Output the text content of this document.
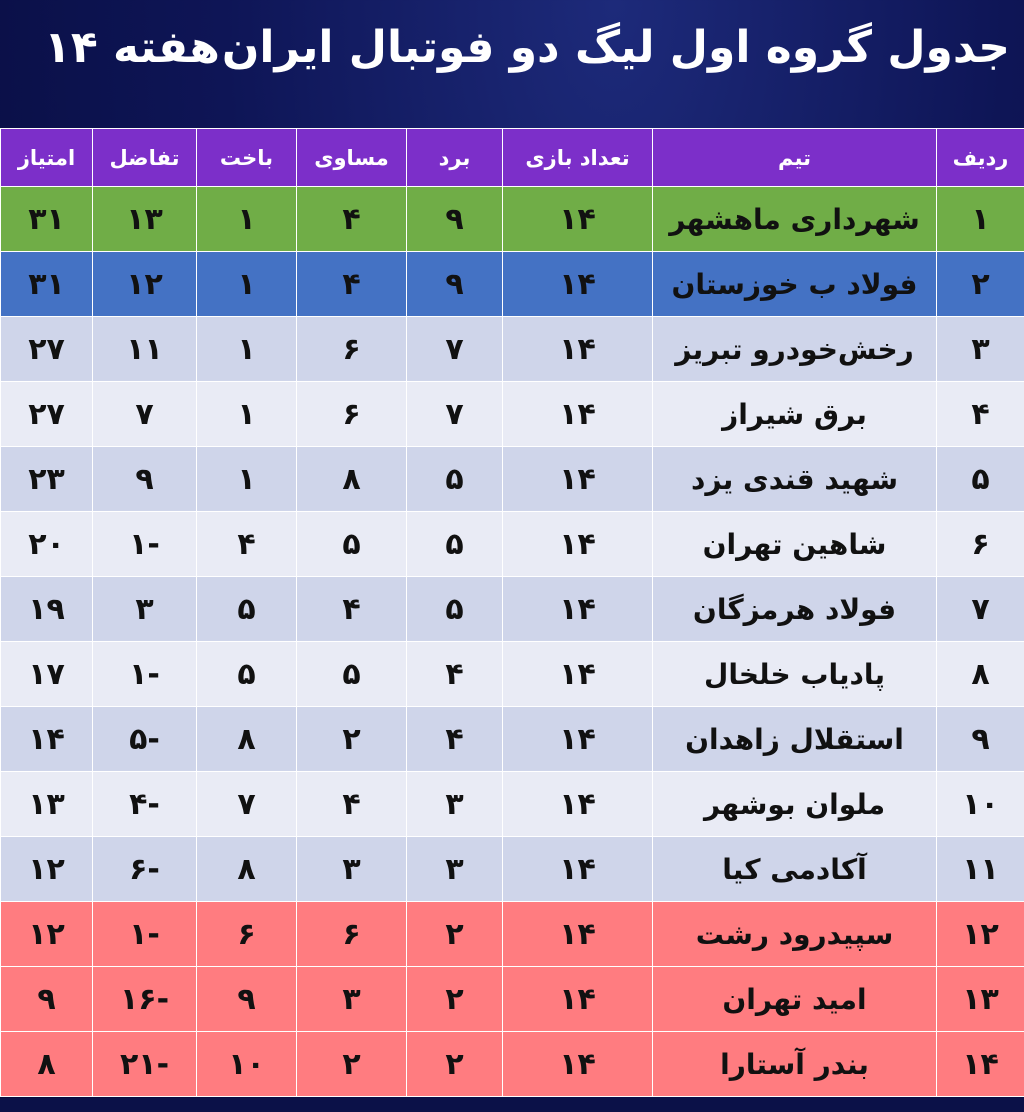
جدول گروه اول لیگ دو فوتبال ایران
هفته ۱۴
ردیف	تیم	تعداد بازی	برد	مساوی	باخت	تفاضل	امتیاز
۱	شهرداری ماهشهر	۱۴	۹	۴	۱	۱۳	۳۱
۲	فولاد ب خوزستان	۱۴	۹	۴	۱	۱۲	۳۱
۳	رخش‌خودرو تبریز	۱۴	۷	۶	۱	۱۱	۲۷
۴	برق شیراز	۱۴	۷	۶	۱	۷	۲۷
۵	شهید قندی یزد	۱۴	۵	۸	۱	۹	۲۳
۶	شاهین تهران	۱۴	۵	۵	۴	-۱	۲۰
۷	فولاد هرمزگان	۱۴	۵	۴	۵	۳	۱۹
۸	پادیاب خلخال	۱۴	۴	۵	۵	-۱	۱۷
۹	استقلال زاهدان	۱۴	۴	۲	۸	-۵	۱۴
۱۰	ملوان بوشهر	۱۴	۳	۴	۷	-۴	۱۳
۱۱	آکادمی کیا	۱۴	۳	۳	۸	-۶	۱۲
۱۲	سپیدرود رشت	۱۴	۲	۶	۶	-۱	۱۲
۱۳	امید تهران	۱۴	۲	۳	۹	-۱۶	۹
۱۴	بندر آستارا	۱۴	۲	۲	۱۰	-۲۱	۸
